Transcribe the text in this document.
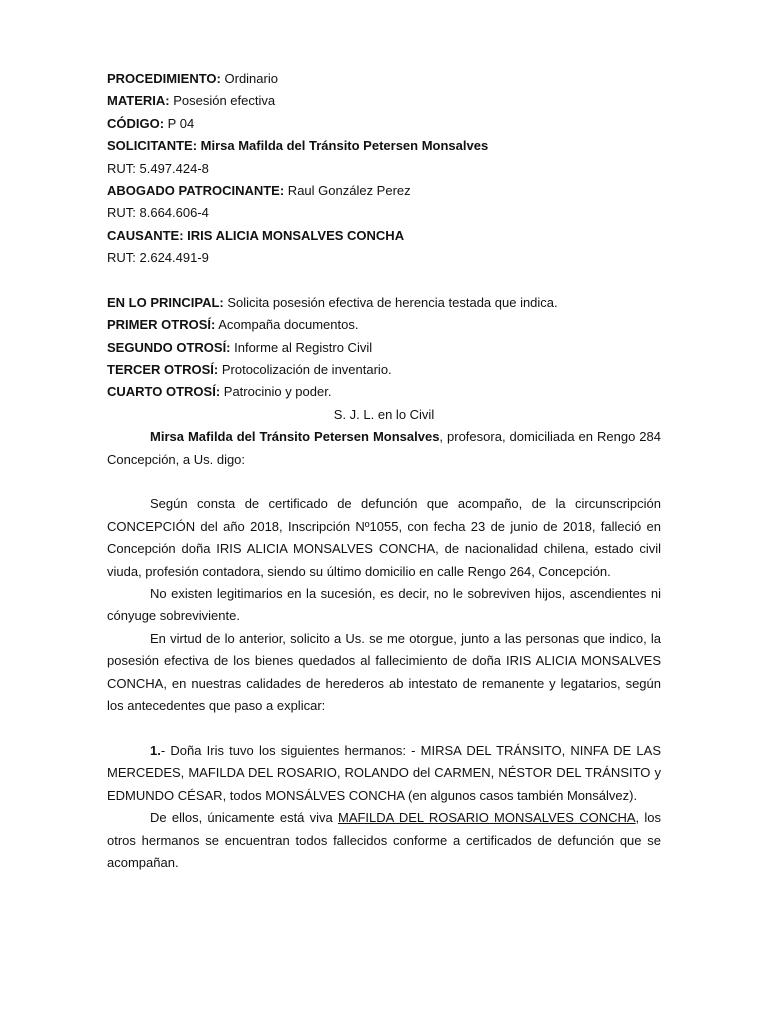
PROCEDIMIENTO: Ordinario
MATERIA: Posesión efectiva
CÓDIGO: P 04
SOLICITANTE: Mirsa Mafilda del Tránsito Petersen Monsalves
RUT: 5.497.424-8
ABOGADO PATROCINANTE: Raul González Perez
RUT: 8.664.606-4
CAUSANTE: IRIS ALICIA MONSALVES CONCHA
RUT: 2.624.491-9
EN LO PRINCIPAL: Solicita posesión efectiva de herencia testada que indica.
PRIMER OTROSÍ: Acompaña documentos.
SEGUNDO OTROSÍ: Informe al Registro Civil
TERCER OTROSÍ: Protocolización de inventario.
CUARTO OTROSÍ: Patrocinio y poder.
S. J. L. en lo Civil

Mirsa Mafilda del Tránsito Petersen Monsalves, profesora, domiciliada en Rengo 284 Concepción, a Us. digo:

Según consta de certificado de defunción que acompaño, de la circunscripción CONCEPCIÓN del año 2018, Inscripción Nº1055, con fecha 23 de junio de 2018, falleció en Concepción doña IRIS ALICIA MONSALVES CONCHA, de nacionalidad chilena, estado civil viuda, profesión contadora, siendo su último domicilio en calle Rengo 264, Concepción.

No existen legitimarios en la sucesión, es decir, no le sobreviven hijos, ascendientes ni cónyuge sobreviviente.

En virtud de lo anterior, solicito a Us. se me otorgue, junto a las personas que indico, la posesión efectiva de los bienes quedados al fallecimiento de doña IRIS ALICIA MONSALVES CONCHA, en nuestras calidades de herederos ab intestato de remanente y legatarios, según los antecedentes que paso a explicar:

1.- Doña Iris tuvo los siguientes hermanos: - MIRSA DEL TRÁNSITO, NINFA DE LAS MERCEDES, MAFILDA DEL ROSARIO, ROLANDO del CARMEN, NÉSTOR DEL TRÁNSITO y EDMUNDO CÉSAR, todos MONSÁLVES CONCHA (en algunos casos también Monsálvez).

De ellos, únicamente está viva MAFILDA DEL ROSARIO MONSALVES CONCHA, los otros hermanos se encuentran todos fallecidos conforme a certificados de defunción que se acompañan.
